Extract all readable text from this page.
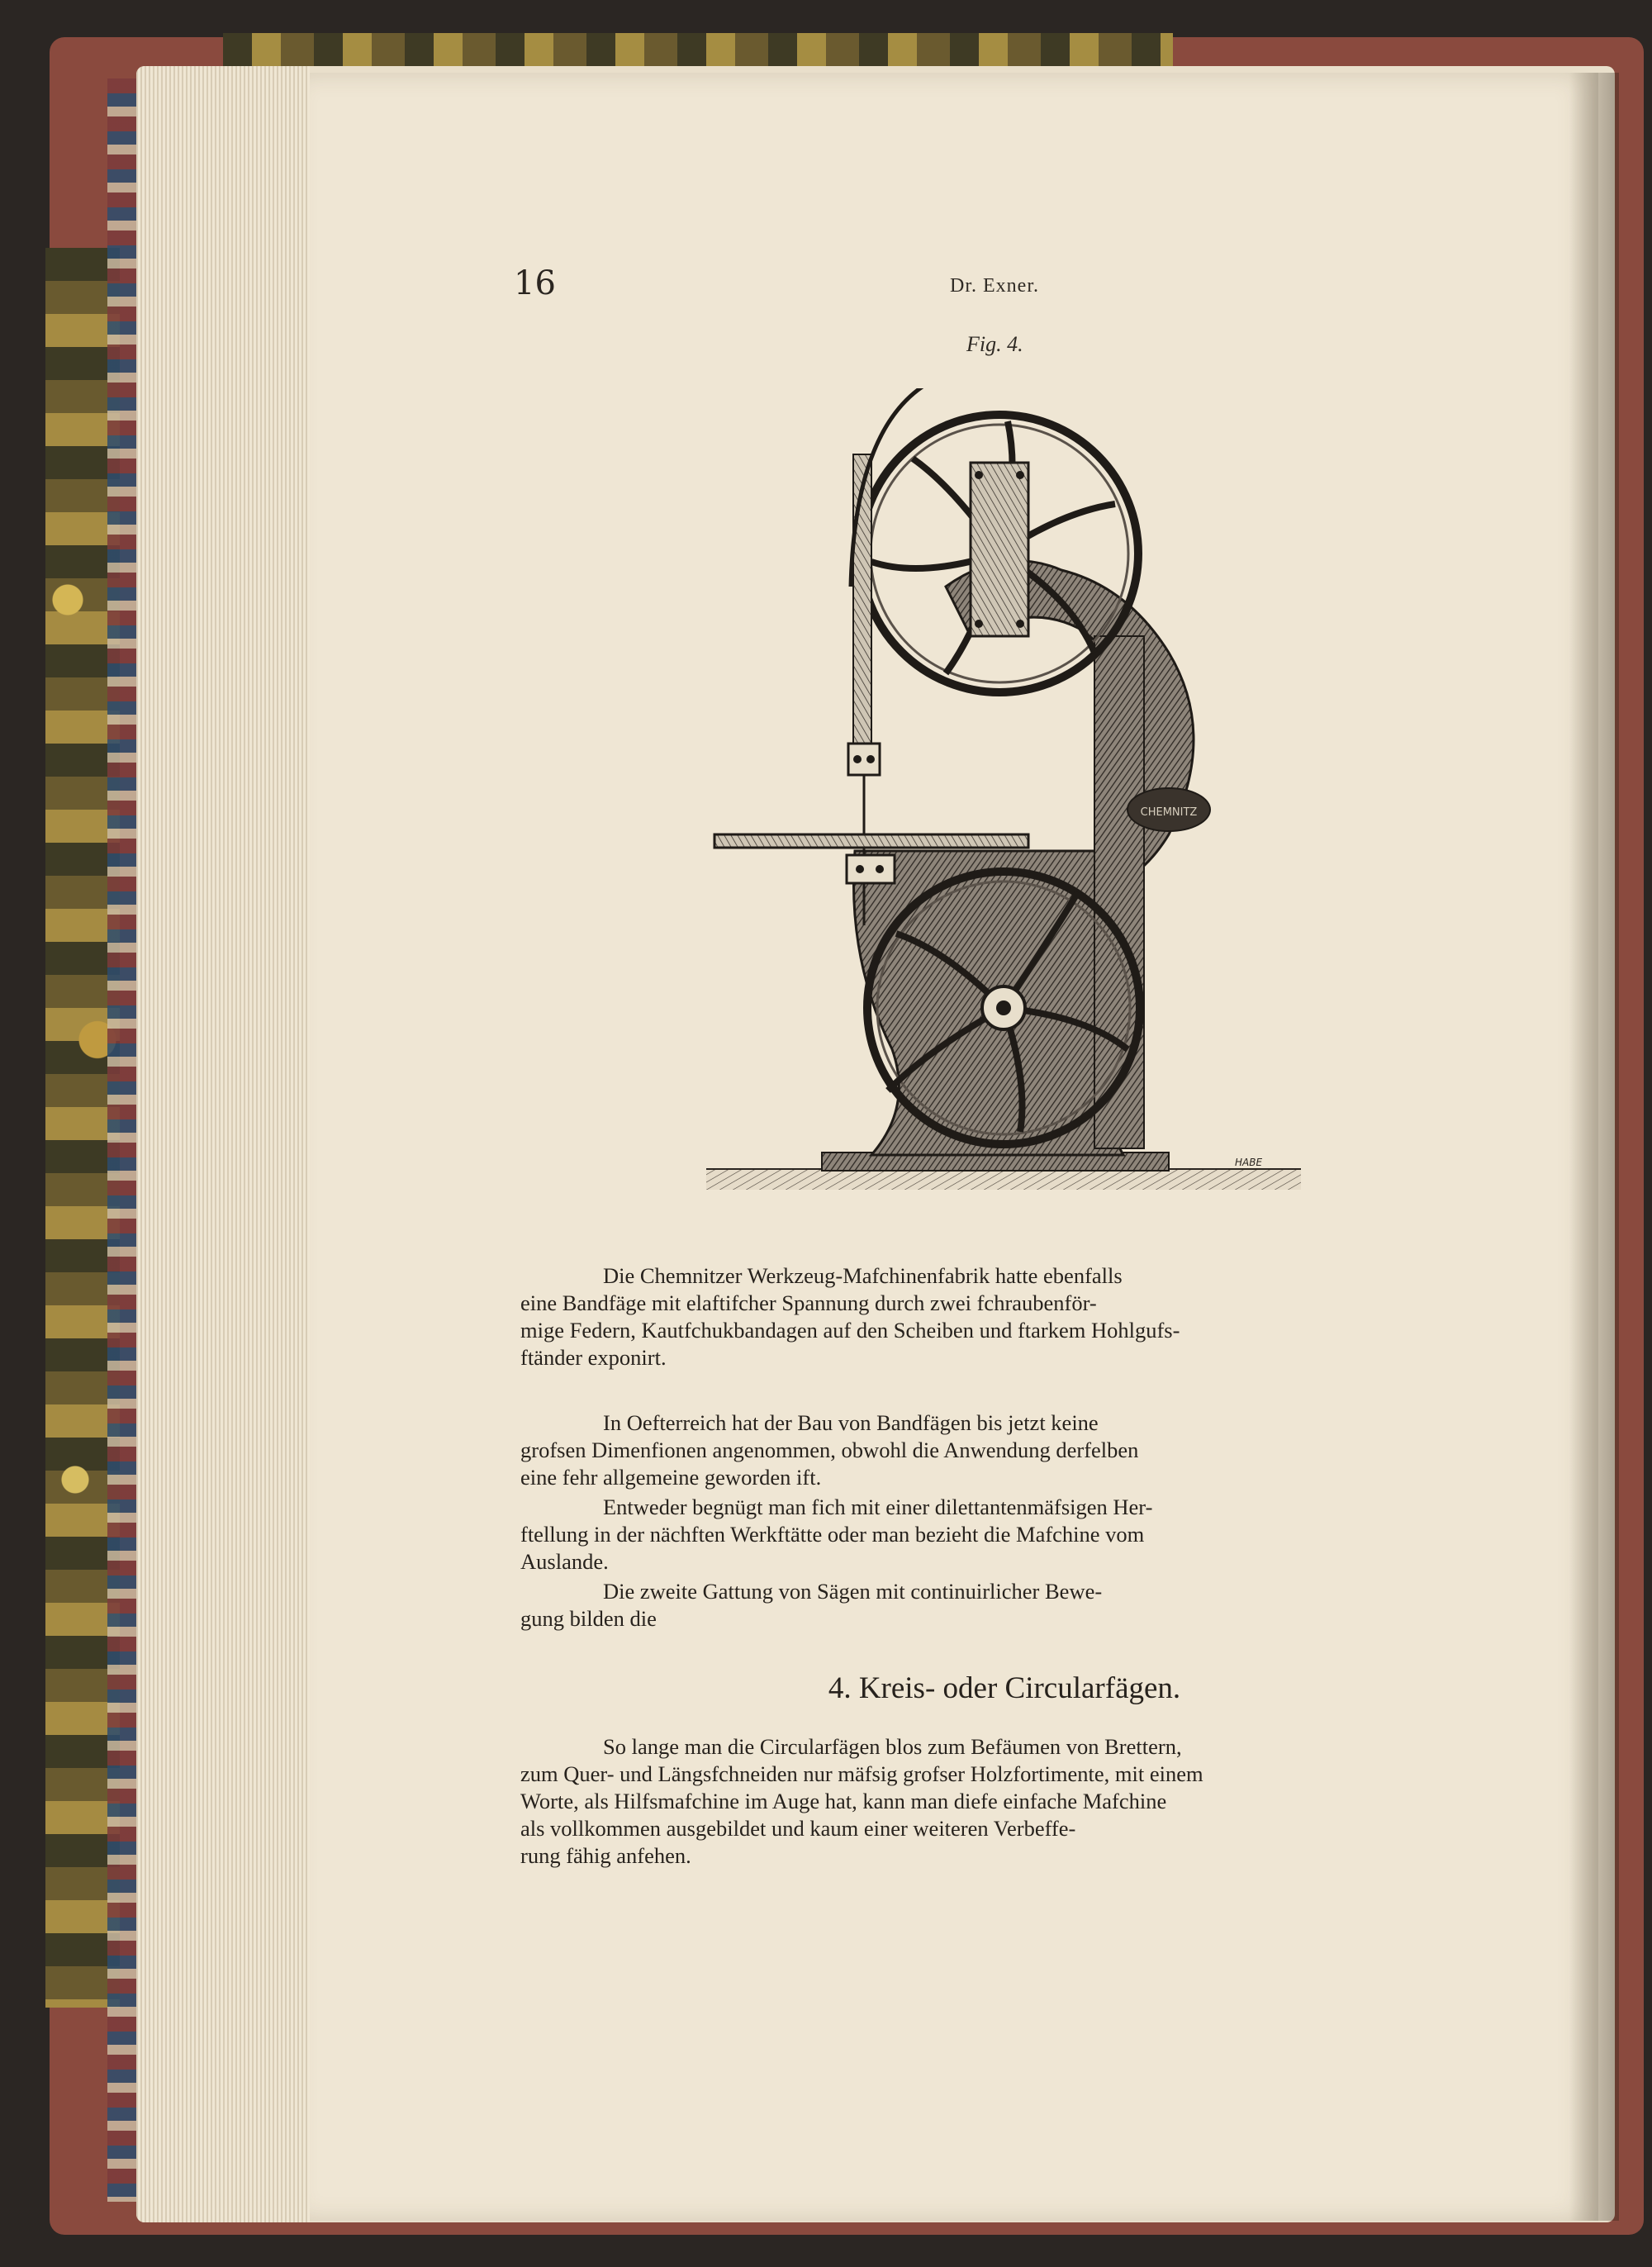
16	Dr. Exner.
Fig. 4.
CHEMNITZ
HABE

Die Chemnitzer Werkzeug-Mafchinenfabrik hatte ebenfalls
eine Bandfäge mit elaftifcher Spannung durch zwei fchraubenför-
mige Federn, Kautfchukbandagen auf den Scheiben und ftarkem Hohlgufs-
ftänder exponirt.

In Oefterreich hat der Bau von Bandfägen bis jetzt keine
grofsen Dimenfionen angenommen, obwohl die Anwendung derfelben
eine fehr allgemeine geworden ift.

Entweder begnügt man fich mit einer dilettantenmäfsigen Her-
ftellung in der nächften Werkftätte oder man bezieht die Mafchine vom
Auslande.

Die zweite Gattung von Sägen mit continuirlicher Bewe-
gung bilden die

4. Kreis- oder Circularfägen.

So lange man die Circularfägen blos zum Befäumen von Brettern,
zum Quer- und Längsfchneiden nur mäfsig grofser Holzfortimente, mit einem
Worte, als Hilfsmafchine im Auge hat, kann man diefe einfache Mafchine
als vollkommen ausgebildet und kaum einer weiteren Verbeffe-
rung fähig anfehen.
